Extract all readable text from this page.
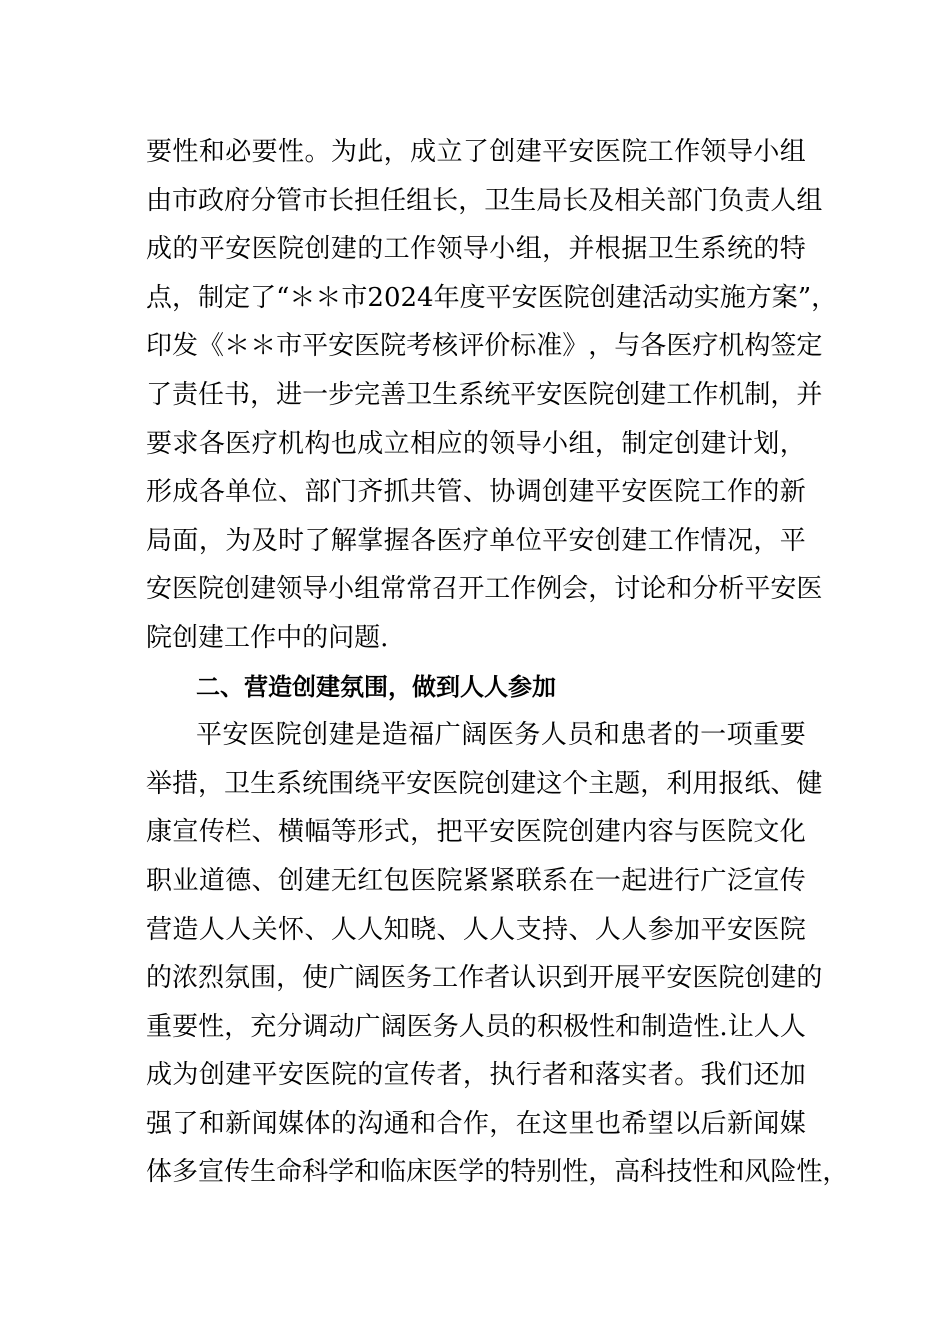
要 性 和 必 要 性 。 为 此 ， 成 立 了 创 建 平 安 医 院 工 作 领 导 小 组
由 市 政 府 分 管 市 长 担 任 组 长 ， 卫 生 局 长 及 相 关 部 门 负 责 人 组
成 的 平 安 医 院 创 建 的 工 作 领 导 小 组 ， 并 根 据 卫 生 系 统 的 特
点 ， 制 定 了 “ ＊ ＊ 市 2024 年 度 平 安 医 院 创 建 活 动 实 施 方 案 ” ，
印 发 《 ＊ ＊ 市 平 安 医 院 考 核 评 价 标 准 》 ， 与 各 医 疗 机 构 签 定
了 责 任 书 ， 进 一 步 完 善 卫 生 系 统 平 安 医 院 创 建 工 作 机 制 ， 并
要 求 各 医 疗 机 构 也 成 立 相 应 的 领 导 小 组 ， 制 定 创 建 计 划 ，
形 成 各 单 位 、 部 门 齐 抓 共 管 、 协 调 创 建 平 安 医 院 工 作 的 新
局 面 ， 为 及 时 了 解 掌 握 各 医 疗 单 位 平 安 创 建 工 作 情 况 ， 平
安 医 院 创 建 领 导 小 组 常 常 召 开 工 作 例 会 ， 讨 论 和 分 析 平 安 医
院 创 建 工 作 中 的 问 题 .
二、营造创建氛围，做到人人参加
平 安 医 院 创 建 是 造 福 广 阔 医 务 人 员 和 患 者 的 一 项 重 要
举 措 ， 卫 生 系 统 围 绕 平 安 医 院 创 建 这 个 主 题 ， 利 用 报 纸 、 健
康 宣 传 栏 、 横 幅 等 形 式 ， 把 平 安 医 院 创 建 内 容 与 医 院 文 化
职 业 道 德 、 创 建 无 红 包 医 院 紧 紧 联 系 在 一 起 进 行 广 泛 宣 传
营 造 人 人 关 怀 、 人 人 知 晓 、 人 人 支 持 、 人 人 参 加 平 安 医 院
的 浓 烈 氛 围 ， 使 广 阔 医 务 工 作 者 认 识 到 开 展 平 安 医 院 创 建 的
重 要 性 ， 充 分 调 动 广 阔 医 务 人 员 的 积 极 性 和 制 造 性 . 让 人 人
成 为 创 建 平 安 医 院 的 宣 传 者 ， 执 行 者 和 落 实 者 。 我 们 还 加
强 了 和 新 闻 媒 体 的 沟 通 和 合 作 ， 在 这 里 也 希 望 以 后 新 闻 媒
体 多 宣 传 生 命 科 学 和 临 床 医 学 的 特 别 性 ， 高 科 技 性 和 风 险 性 ，
